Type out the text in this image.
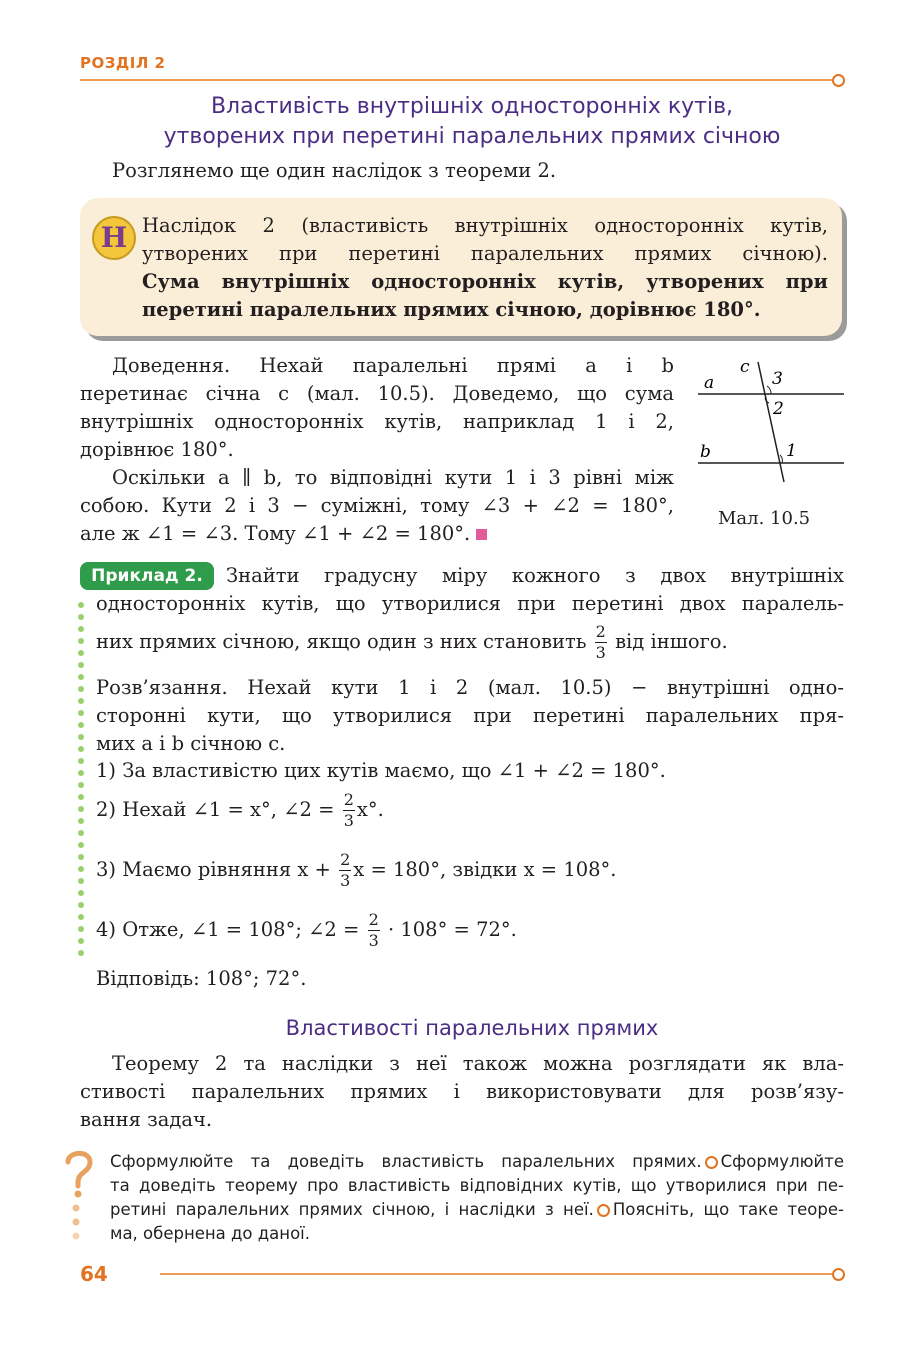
РОЗДІЛ 2
Властивість внутрішніх односторонніх кутів,
утворених при перетині паралельних прямих січною
Розглянемо ще один наслідок з теореми 2.
Н Наслідок 2 (властивість внутрішніх односторонніх кутів,
утворених при перетині паралельних прямих січною).
Сума внутрішніх односторонніх кутів, утворених при
перетині паралельних прямих січною, дорівнює 180°.
Доведення. Нехай паралельні прямі a і b
перетинає січна c (мал. 10.5). Доведемо, що сума
внутрішніх односторонніх кутів, наприклад 1 і 2,
дорівнює 180°.
Оскільки a ∥ b, то відповідні кути 1 і 3 рівні між
собою. Кути 2 і 3 − суміжні, тому ∠3 + ∠2 = 180°,
але ж ∠1 = ∠3. Тому ∠1 + ∠2 = 180°.
c
a
b
3
2
1
Мал. 10.5
Приклад 2.	Знайти градусну міру кожного з двох внутрішніх
односторонніх кутів, що утворилися при перетині двох паралель-
них прямих січною, якщо один з них становить $\frac{2}{3}$ від іншого.
Розв’язання. Нехай кути 1 і 2 (мал. 10.5) − внутрішні одно-
сторонні кути, що утворилися при перетині паралельних пря-
мих a і b січною c.
1) За властивістю цих кутів маємо, що ∠1 + ∠2 = 180°.
2) Нехай ∠1 = x°, ∠2 = $\frac{2}{3} x^\circ$.
3) Маємо рівняння $x + \frac{2}{3}$ x = 180°, звідки x = 108°.
4) Отже, ∠1 = 108°; ∠2 = $\frac{2}{3} \cdot 108^\circ = 72^\circ$.
Відповідь: 108°; 72°.
Властивості паралельних прямих
Теорему 2 та наслідки з неї також можна розглядати як вла-
стивості паралельних прямих і використовувати для розв’язу-
вання задач.
Сформулюйте та доведіть властивість паралельних прямих. Сформулюйте
та доведіть теорему про властивість відповідних кутів, що утворилися при пе-
ретині паралельних прямих січною, і наслідки з неї. Поясніть, що таке теоре-
ма, обернена до даної.
64
